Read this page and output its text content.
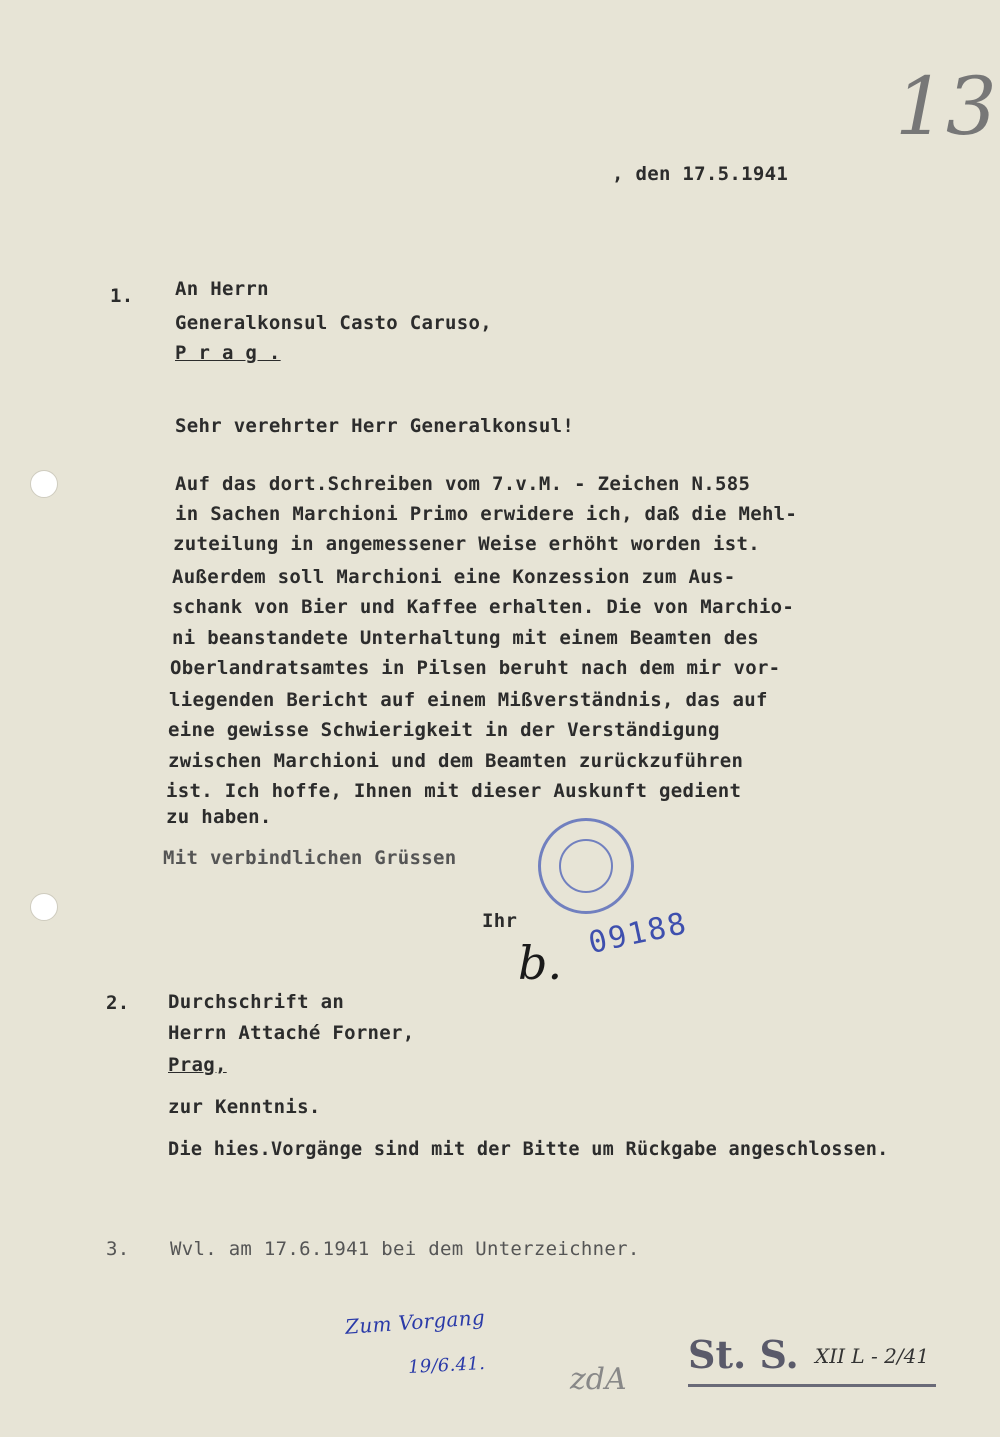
13
, den 17.5.1941
1. An Herrn
Generalkonsul Casto Caruso,
P r a g .
Sehr verehrter Herr Generalkonsul!
Auf das dort.Schreiben vom 7.v.M. - Zeichen N.585
in Sachen Marchioni Primo erwidere ich, daß die Mehl-
zuteilung in angemessener Weise erhöht worden ist.
Außerdem soll Marchioni eine Konzession zum Aus-
schank von Bier und Kaffee erhalten. Die von Marchio-
ni beanstandete Unterhaltung mit einem Beamten des
Oberlandratsamtes in Pilsen beruht nach dem mir vor-
liegenden Bericht auf einem Mißverständnis, das auf
eine gewisse Schwierigkeit in der Verständigung
zwischen Marchioni und dem Beamten zurückzuführen
ist. Ich hoffe, Ihnen mit dieser Auskunft gedient
zu haben.
Mit verbindlichen Grüssen
Ihr
b.
09188
2. Durchschrift an
Herrn Attaché Forner,
Prag,
zur Kenntnis.
Die hies.Vorgänge sind mit der Bitte um Rückgabe angeschlossen.
3. Wvl. am 17.6.1941 bei dem Unterzeichner.
Zum Vorgang
19/6.41.	zdA
St. S. XII L - 2/41
